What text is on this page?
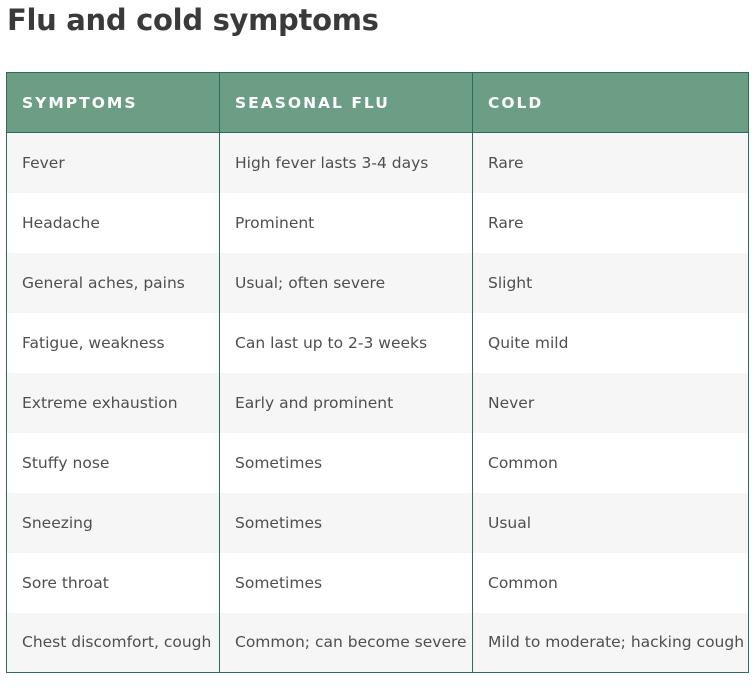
Flu and cold symptoms
SYMPTOMS	SEASONAL FLU	COLD
Fever	High fever lasts 3-4 days	Rare
Headache	Prominent	Rare
General aches, pains	Usual; often severe	Slight
Fatigue, weakness	Can last up to 2-3 weeks	Quite mild
Extreme exhaustion	Early and prominent	Never
Stuffy nose	Sometimes	Common
Sneezing	Sometimes	Usual
Sore throat	Sometimes	Common
Chest discomfort, cough	Common; can become severe	Mild to moderate; hacking cough
